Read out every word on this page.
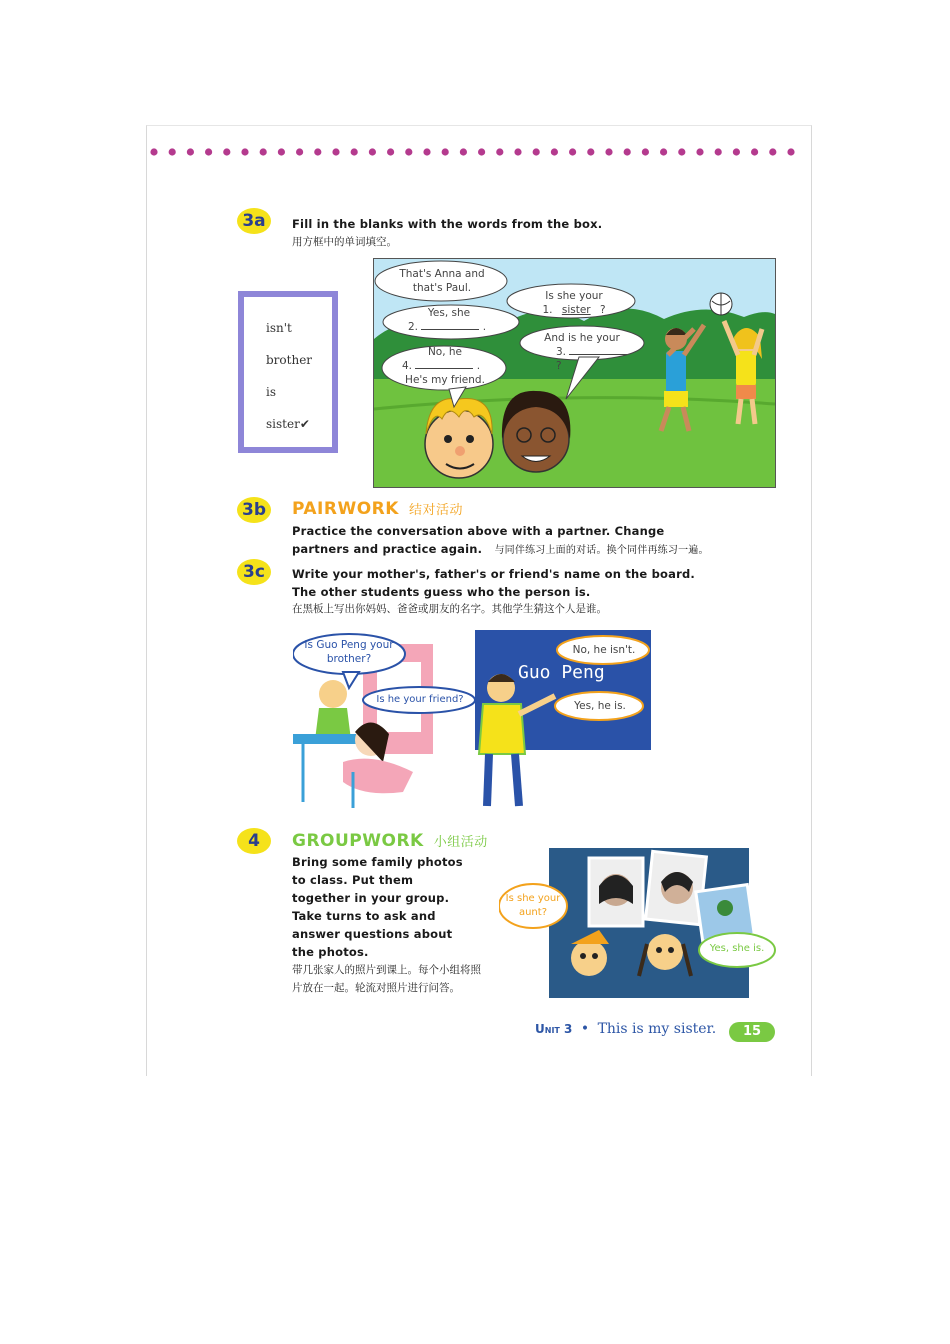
3a	Fill in the blanks with the words from the box.
用方框中的单词填空。
isn't
brother
is
sister✔
That's Anna and that's Paul.
Is she your
1. sister ?
Yes, she
2.	.
And is he your
3.  ?
No, he
4.	.
He's my friend.
3b PAIRWORK 结对活动
Practice the conversation above with a partner. Change
partners and practice again. 与同伴练习上面的对话。换个同伴再练习一遍。
3c	Write your mother's, father's or friend's name on the board.
The other students guess who the person is.
在黑板上写出你妈妈、爸爸或朋友的名字。其他学生猜这个人是谁。
Is Guo Peng your brother?
Is he your friend?
Guo Peng
No, he isn't.
Yes, he is.
4	GROUPWORK 小组活动
Bring some family photos
to class. Put them
together in your group.
Take turns to ask and
answer questions about
the photos.
带几张家人的照片到课上。每个小组将照
片放在一起。轮流对照片进行问答。
Is she your aunt?
Yes, she is.
Unit 3 • This is my sister.	15
